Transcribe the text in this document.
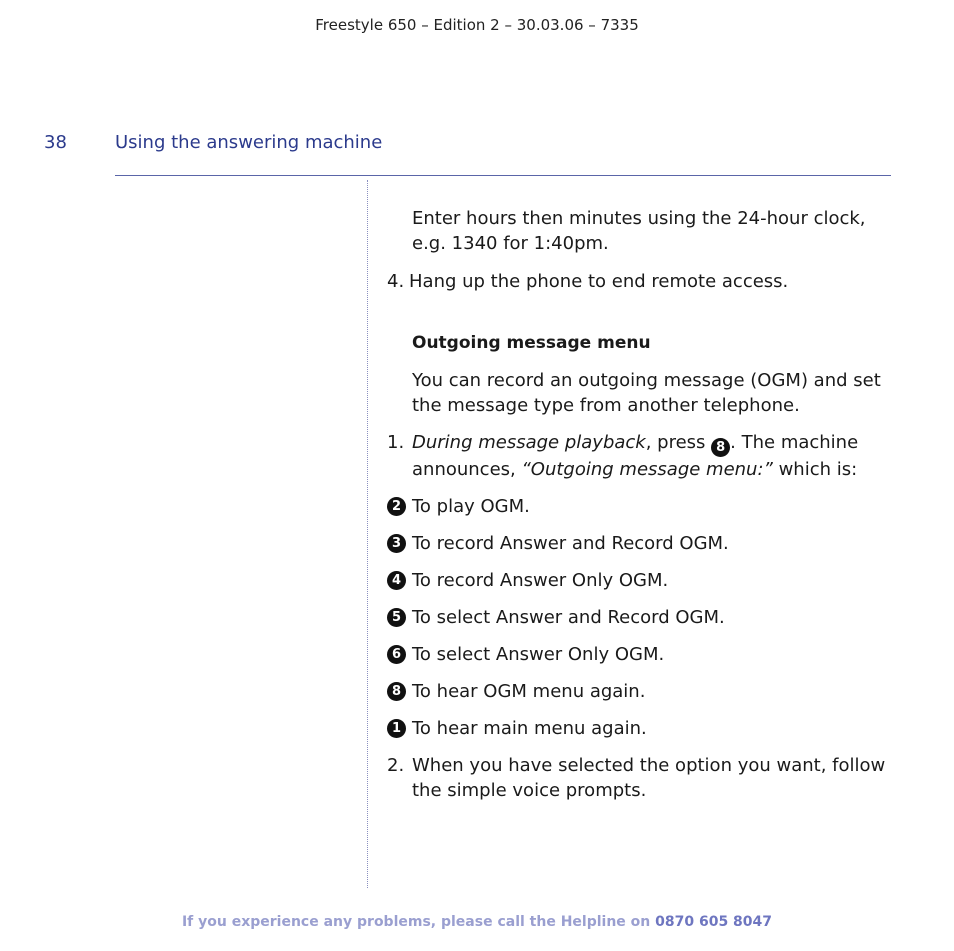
Freestyle 650 – Edition 2 – 30.03.06 – 7335
38	Using the answering machine

Enter hours then minutes using the 24-hour clock, e.g. 1340 for 1:40pm.

4. Hang up the phone to end remote access.

Outgoing message menu

You can record an outgoing message (OGM) and set the message type from another telephone.

1. During message playback, press 8 . The machine announces, “Outgoing message menu:” which is:

2 To play OGM.

3 To record Answer and Record OGM.

4 To record Answer Only OGM.

5 To select Answer and Record OGM.

6 To select Answer Only OGM.

8 To hear OGM menu again.

1 To hear main menu again.

2. When you have selected the option you want, follow the simple voice prompts.

If you experience any problems, please call the Helpline on 0870 605 8047
